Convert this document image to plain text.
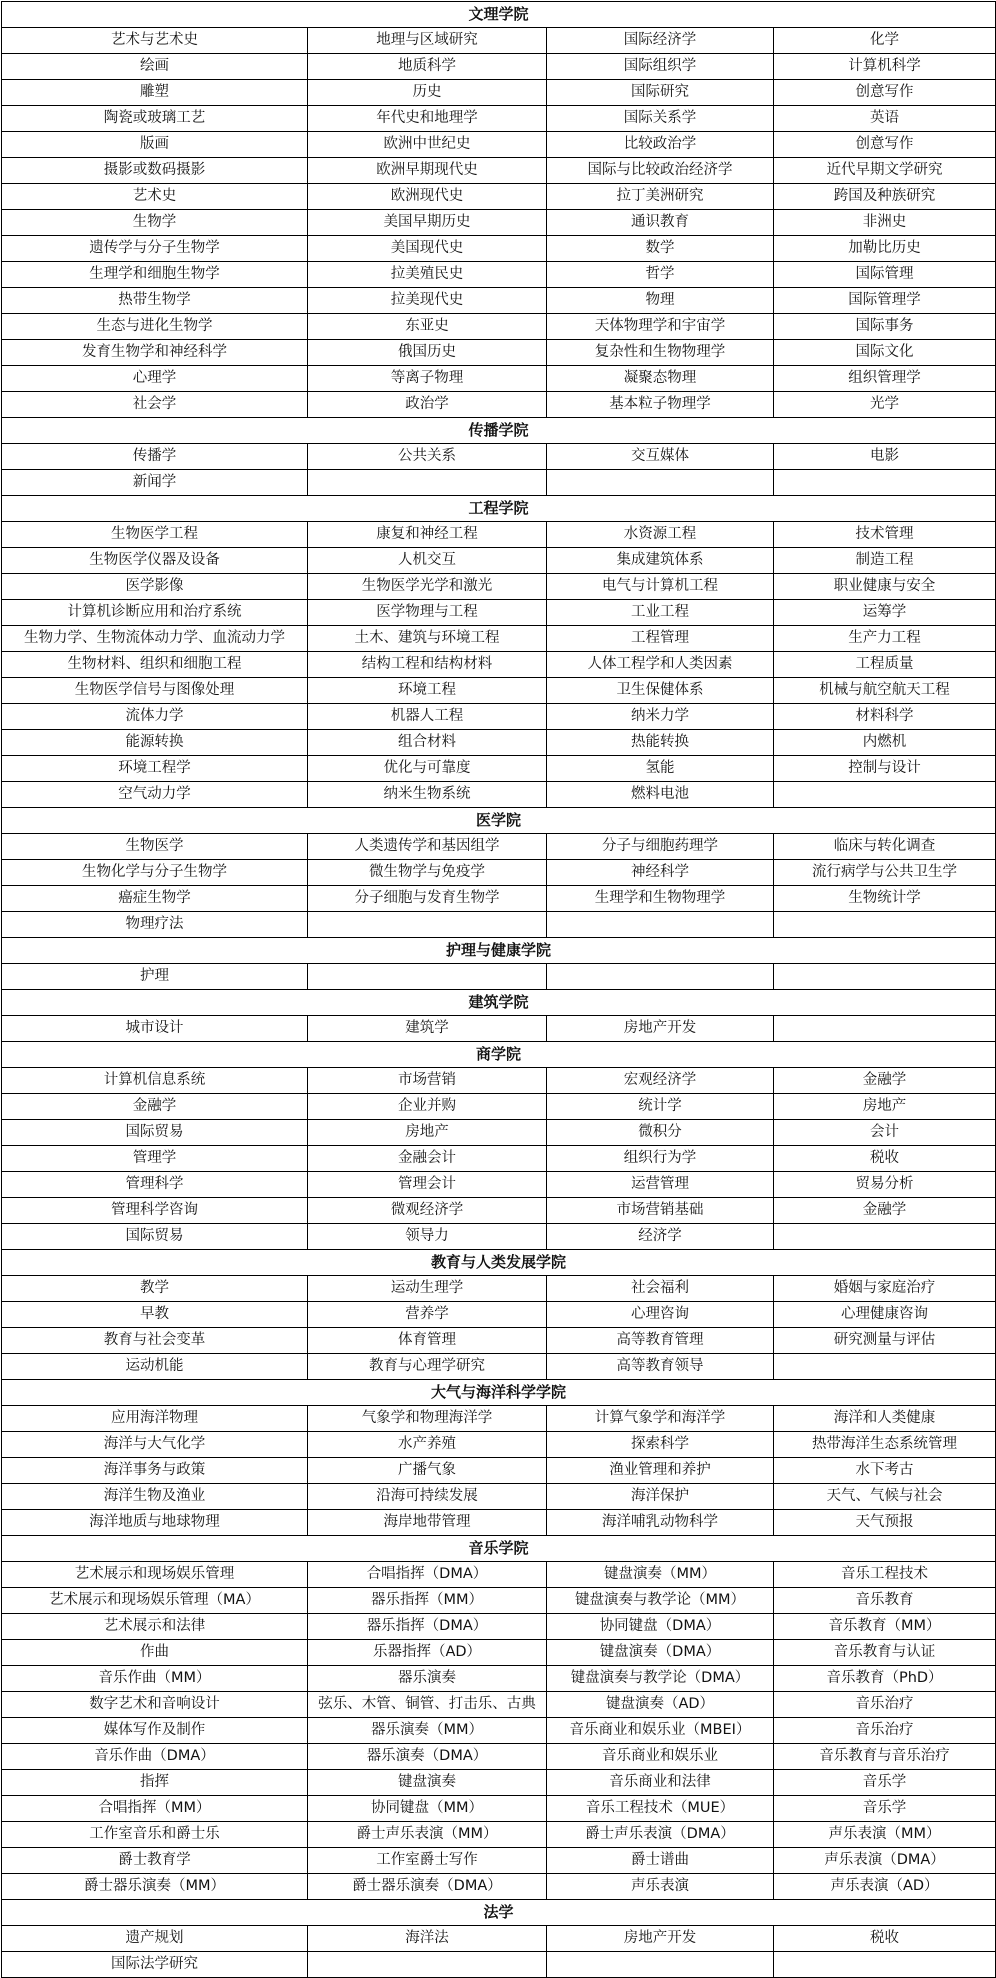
文理学院			
艺术与艺术史	地理与区域研究	国际经济学	化学
绘画	地质科学	国际组织学	计算机科学
雕塑	历史	国际研究	创意写作
陶瓷或玻璃工艺	年代史和地理学	国际关系学	英语
版画	欧洲中世纪史	比较政治学	创意写作
摄影或数码摄影	欧洲早期现代史	国际与比较政治经济学	近代早期文学研究
艺术史	欧洲现代史	拉丁美洲研究	跨国及种族研究
生物学	美国早期历史	通识教育	非洲史
遗传学与分子生物学	美国现代史	数学	加勒比历史
生理学和细胞生物学	拉美殖民史	哲学	国际管理
热带生物学	拉美现代史	物理	国际管理学
生态与进化生物学	东亚史	天体物理学和宇宙学	国际事务
发育生物学和神经科学	俄国历史	复杂性和生物物理学	国际文化
心理学	等离子物理	凝聚态物理	组织管理学
社会学	政治学	基本粒子物理学	光学
传播学院			
传播学	公共关系	交互媒体	电影
新闻学			
工程学院			
生物医学工程	康复和神经工程	水资源工程	技术管理
生物医学仪器及设备	人机交互	集成建筑体系	制造工程
医学影像	生物医学光学和激光	电气与计算机工程	职业健康与安全
计算机诊断应用和治疗系统	医学物理与工程	工业工程	运筹学
生物力学、生物流体动力学、血流动力学	土木、建筑与环境工程	工程管理	生产力工程
生物材料、组织和细胞工程	结构工程和结构材料	人体工程学和人类因素	工程质量
生物医学信号与图像处理	环境工程	卫生保健体系	机械与航空航天工程
流体力学	机器人工程	纳米力学	材料科学
能源转换	组合材料	热能转换	内燃机
环境工程学	优化与可靠度	氢能	控制与设计
空气动力学	纳米生物系统	燃料电池	
医学院			
生物医学	人类遗传学和基因组学	分子与细胞药理学	临床与转化调查
生物化学与分子生物学	微生物学与免疫学	神经科学	流行病学与公共卫生学
癌症生物学	分子细胞与发育生物学	生理学和生物物理学	生物统计学
物理疗法			
护理与健康学院			
护理			
建筑学院			
城市设计	建筑学	房地产开发	
商学院			
计算机信息系统	市场营销	宏观经济学	金融学
金融学	企业并购	统计学	房地产
国际贸易	房地产	微积分	会计
管理学	金融会计	组织行为学	税收
管理科学	管理会计	运营管理	贸易分析
管理科学咨询	微观经济学	市场营销基础	金融学
国际贸易	领导力	经济学	
教育与人类发展学院			
教学	运动生理学	社会福利	婚姻与家庭治疗
早教	营养学	心理咨询	心理健康咨询
教育与社会变革	体育管理	高等教育管理	研究测量与评估
运动机能	教育与心理学研究	高等教育领导	
大气与海洋科学学院			
应用海洋物理	气象学和物理海洋学	计算气象学和海洋学	海洋和人类健康
海洋与大气化学	水产养殖	探索科学	热带海洋生态系统管理
海洋事务与政策	广播气象	渔业管理和养护	水下考古
海洋生物及渔业	沿海可持续发展	海洋保护	天气、气候与社会
海洋地质与地球物理	海岸地带管理	海洋哺乳动物科学	天气预报
音乐学院			
艺术展示和现场娱乐管理	合唱指挥（DMA）	键盘演奏（MM）	音乐工程技术
艺术展示和现场娱乐管理（MA）	器乐指挥（MM）	键盘演奏与教学论（MM）	音乐教育
艺术展示和法律	器乐指挥（DMA）	协同键盘（DMA）	音乐教育（MM）
作曲	乐器指挥（AD）	键盘演奏（DMA）	音乐教育与认证
音乐作曲（MM）	器乐演奏	键盘演奏与教学论（DMA）	音乐教育（PhD）
数字艺术和音响设计	弦乐、木管、铜管、打击乐、古典	键盘演奏（AD）	音乐治疗
媒体写作及制作	器乐演奏（MM）	音乐商业和娱乐业（MBEI）	音乐治疗
音乐作曲（DMA）	器乐演奏（DMA）	音乐商业和娱乐业	音乐教育与音乐治疗
指挥	键盘演奏	音乐商业和法律	音乐学
合唱指挥（MM）	协同键盘（MM）	音乐工程技术（MUE）	音乐学
工作室音乐和爵士乐	爵士声乐表演（MM）	爵士声乐表演（DMA）	声乐表演（MM）
爵士教育学	工作室爵士写作	爵士谱曲	声乐表演（DMA）
爵士器乐演奏（MM）	爵士器乐演奏（DMA）	声乐表演	声乐表演（AD）
法学			
遗产规划	海洋法	房地产开发	税收
国际法学研究			
